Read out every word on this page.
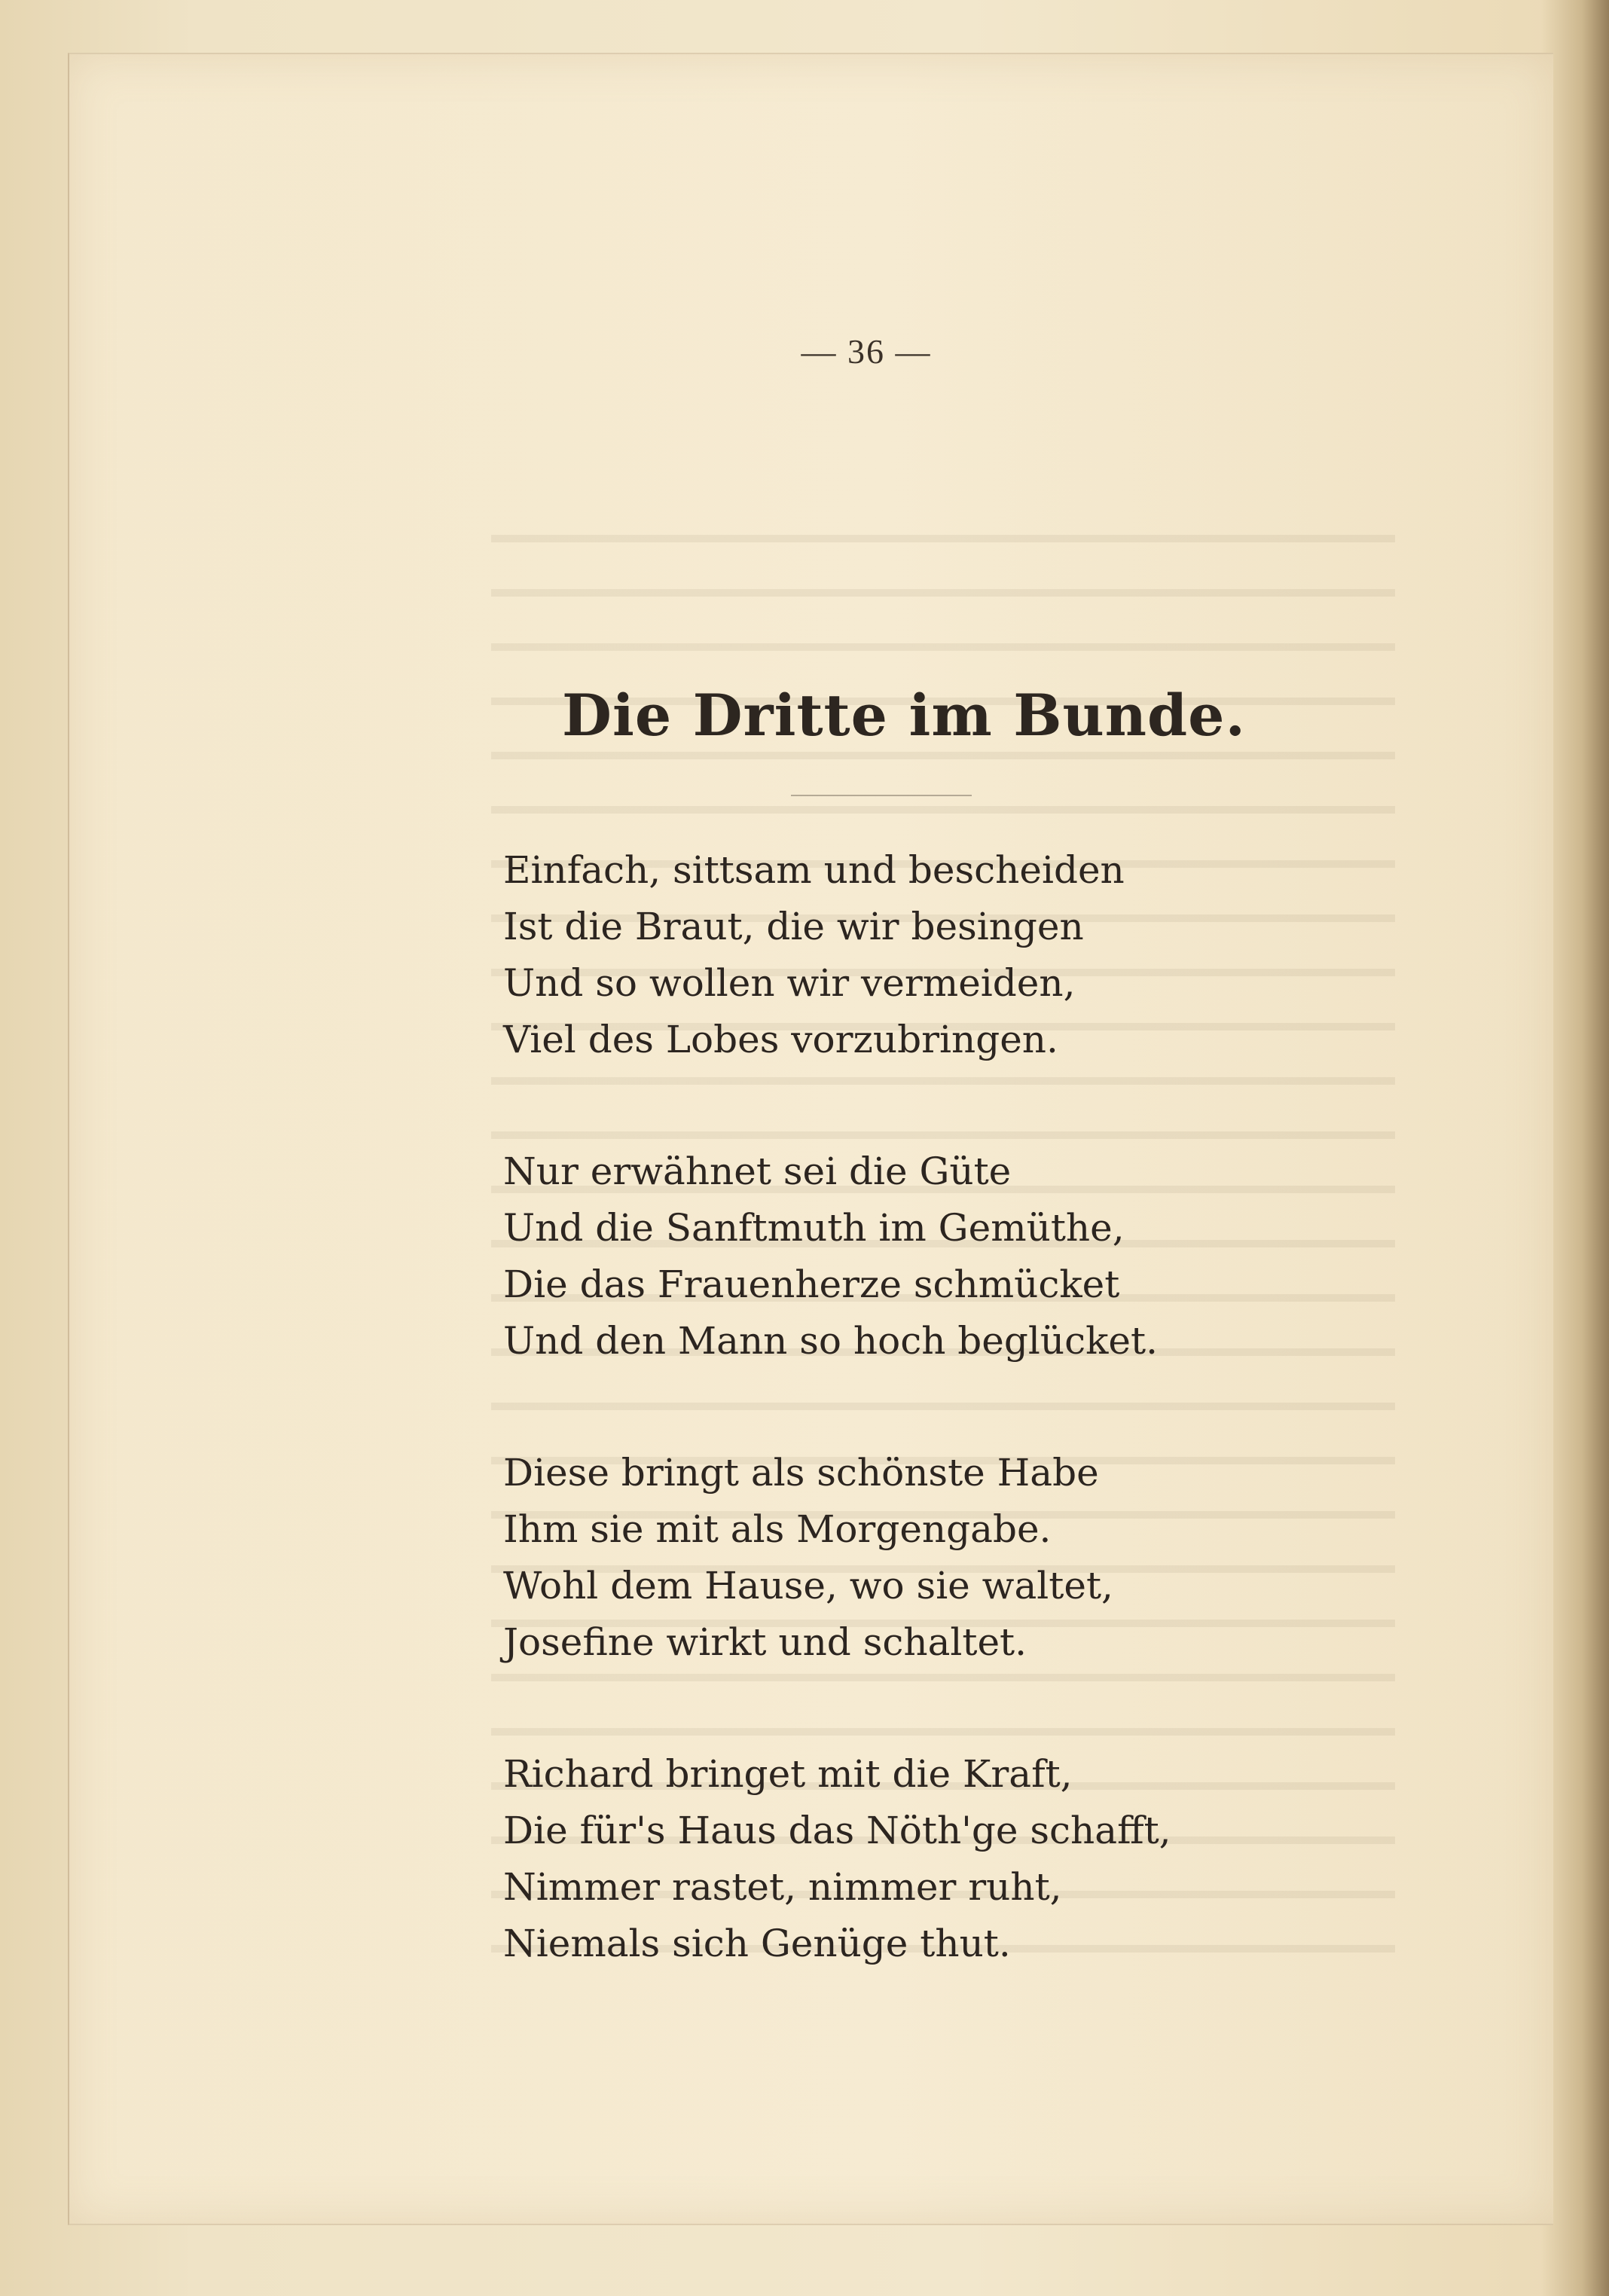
— 36 —
Die Dritte im Bunde.
Einfach, sittsam und bescheiden
Ist die Braut, die wir besingen
Und so wollen wir vermeiden,
Viel des Lobes vorzubringen.
Nur erwähnet sei die Güte
Und die Sanftmuth im Gemüthe,
Die das Frauenherze schmücket
Und den Mann so hoch beglücket.
Diese bringt als schönste Habe
Ihm sie mit als Morgengabe.
Wohl dem Hause, wo sie waltet,
Josefine wirkt und schaltet.
Richard bringet mit die Kraft,
Die für's Haus das Nöth'ge schafft,
Nimmer rastet, nimmer ruht,
Niemals sich Genüge thut.
